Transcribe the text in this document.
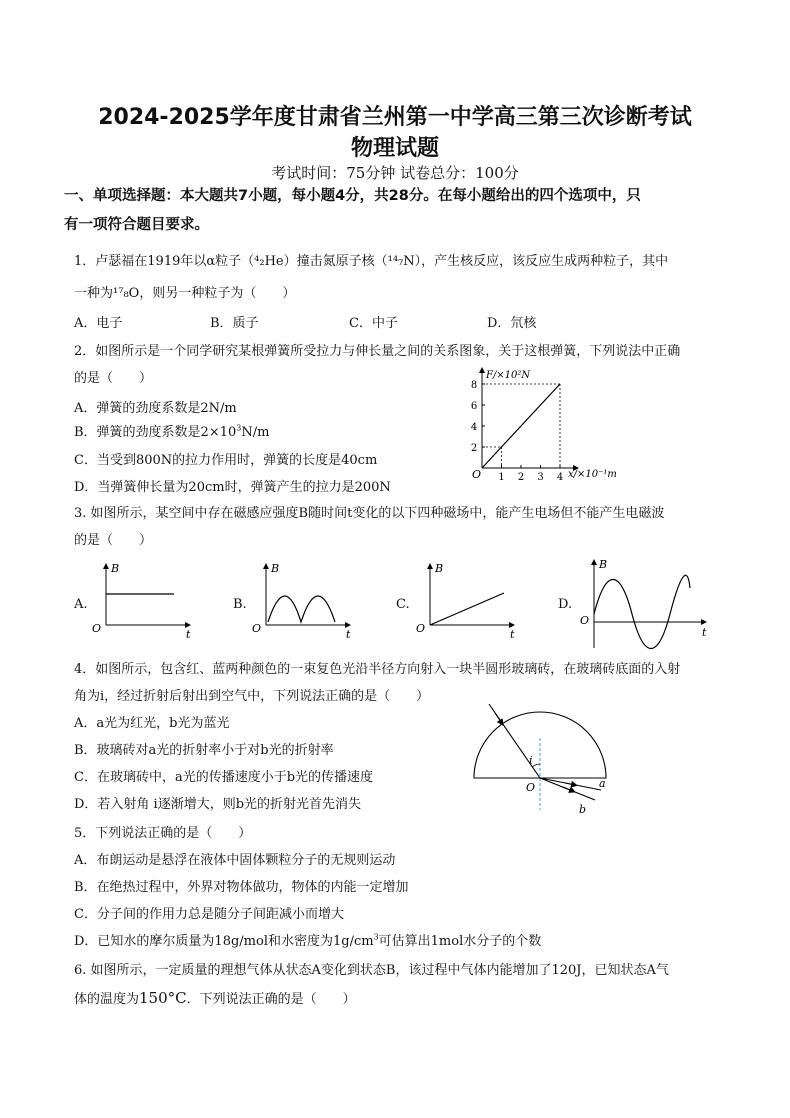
2024-2025学年度甘肃省兰州第一中学高三第三次诊断考试
物理试题
考试时间：75分钟 试卷总分：100分
一、单项选择题：本大题共7小题，每小题4分，共28分。在每小题给出的四个选项中，只
有一项符合题目要求。
1．卢瑟福在1919年以α粒子（⁴₂He）撞击氮原子核（¹⁴₇N），产生核反应，该反应生成两种粒子，其中
一种为¹⁷₈O，则另一种粒子为（　　）
A．电子	B．质子	C．中子	D．氘核
2．如图所示是一个同学研究某根弹簧所受拉力与伸长量之间的关系图象，关于这根弹簧，下列说法中正确
的是（　　）
A．弹簧的劲度系数是2N/m
B．弹簧的劲度系数是$2\times 10^3N/m$
C．当受到800N的拉力作用时，弹簧的长度是40cm
D．当弹簧伸长量为20cm时，弹簧产生的拉力是200N
2
4
6
8
1 2 3 4
O
F/×10²N
x/×10⁻¹m
3. 如图所示，某空间中存在磁感应强度B随时间t变化的以下四种磁场中，能产生电场但不能产生电磁波
的是（　　）
A.
B
O	t
B.
B
O	t
C.
B
O	t
D.
B
O
t
4．如图所示，包含红、蓝两种颜色的一束复色光沿半径方向射入一块半圆形玻璃砖，在玻璃砖底面的入射
角为i，经过折射后射出到空气中，下列说法正确的是（　　）
A．a光为红光，b光为蓝光
B．玻璃砖对a光的折射率小于对b光的折射率
C．在玻璃砖中，a光的传播速度小于b光的传播速度
D．若入射角 i逐渐增大，则b光的折射光首先消失
i
O	a
b
5．下列说法正确的是（　　）
A．布朗运动是悬浮在液体中固体颗粒分子的无规则运动
B．在绝热过程中，外界对物体做功，物体的内能一定增加
C．分子间的作用力总是随分子间距减小而增大
D．已知水的摩尔质量为18g/mol和水密度为$1g/cm^3$可估算出1mol水分子的个数
6. 如图所示，一定质量的理想气体从状态A变化到状态B，该过程中气体内能增加了120J，已知状态A气
体的温度为150°C．下列说法正确的是（　　）
